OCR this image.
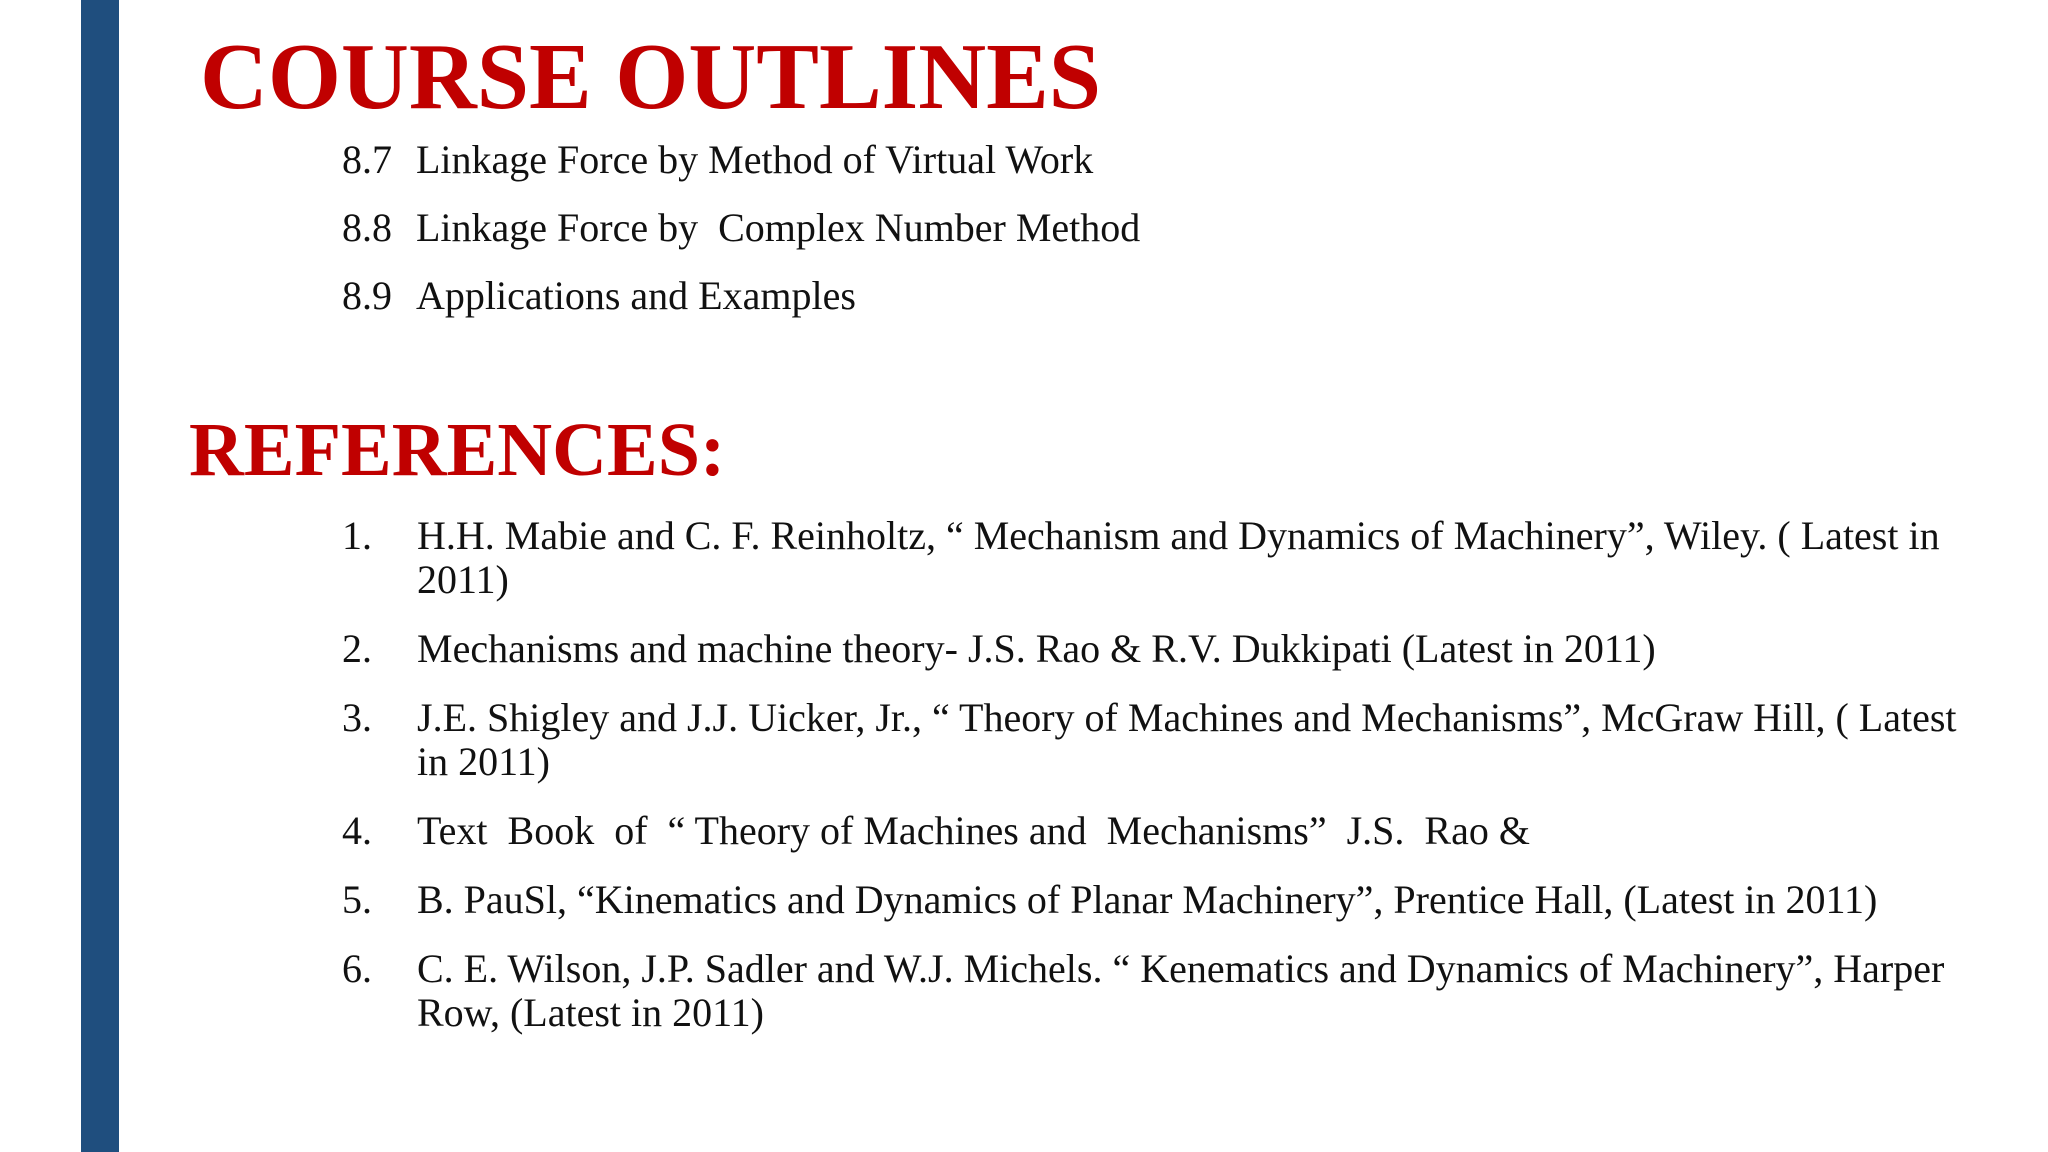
COURSE OUTLINES
8.7 Linkage Force by Method of Virtual Work
8.8 Linkage Force by  Complex Number Method
8.9 Applications and Examples
REFERENCES:
1.	H.H. Mabie and C. F. Reinholtz, “ Mechanism and Dynamics of Machinery”, Wiley. ( Latest in 2011)
2.	Mechanisms and machine theory- J.S. Rao & R.V. Dukkipati (Latest in 2011)
3.	J.E. Shigley and J.J. Uicker, Jr., “ Theory of Machines and Mechanisms”, McGraw Hill, ( Latest in 2011)
4.	Text  Book  of  “ Theory of Machines and  Mechanisms”  J.S.  Rao &
5.	B. PauSl, “Kinematics and Dynamics of Planar Machinery”, Prentice Hall, (Latest in 2011)
6.	C. E. Wilson, J.P. Sadler and W.J. Michels. “ Kenematics and Dynamics of Machinery”, Harper Row, (Latest in 2011)
